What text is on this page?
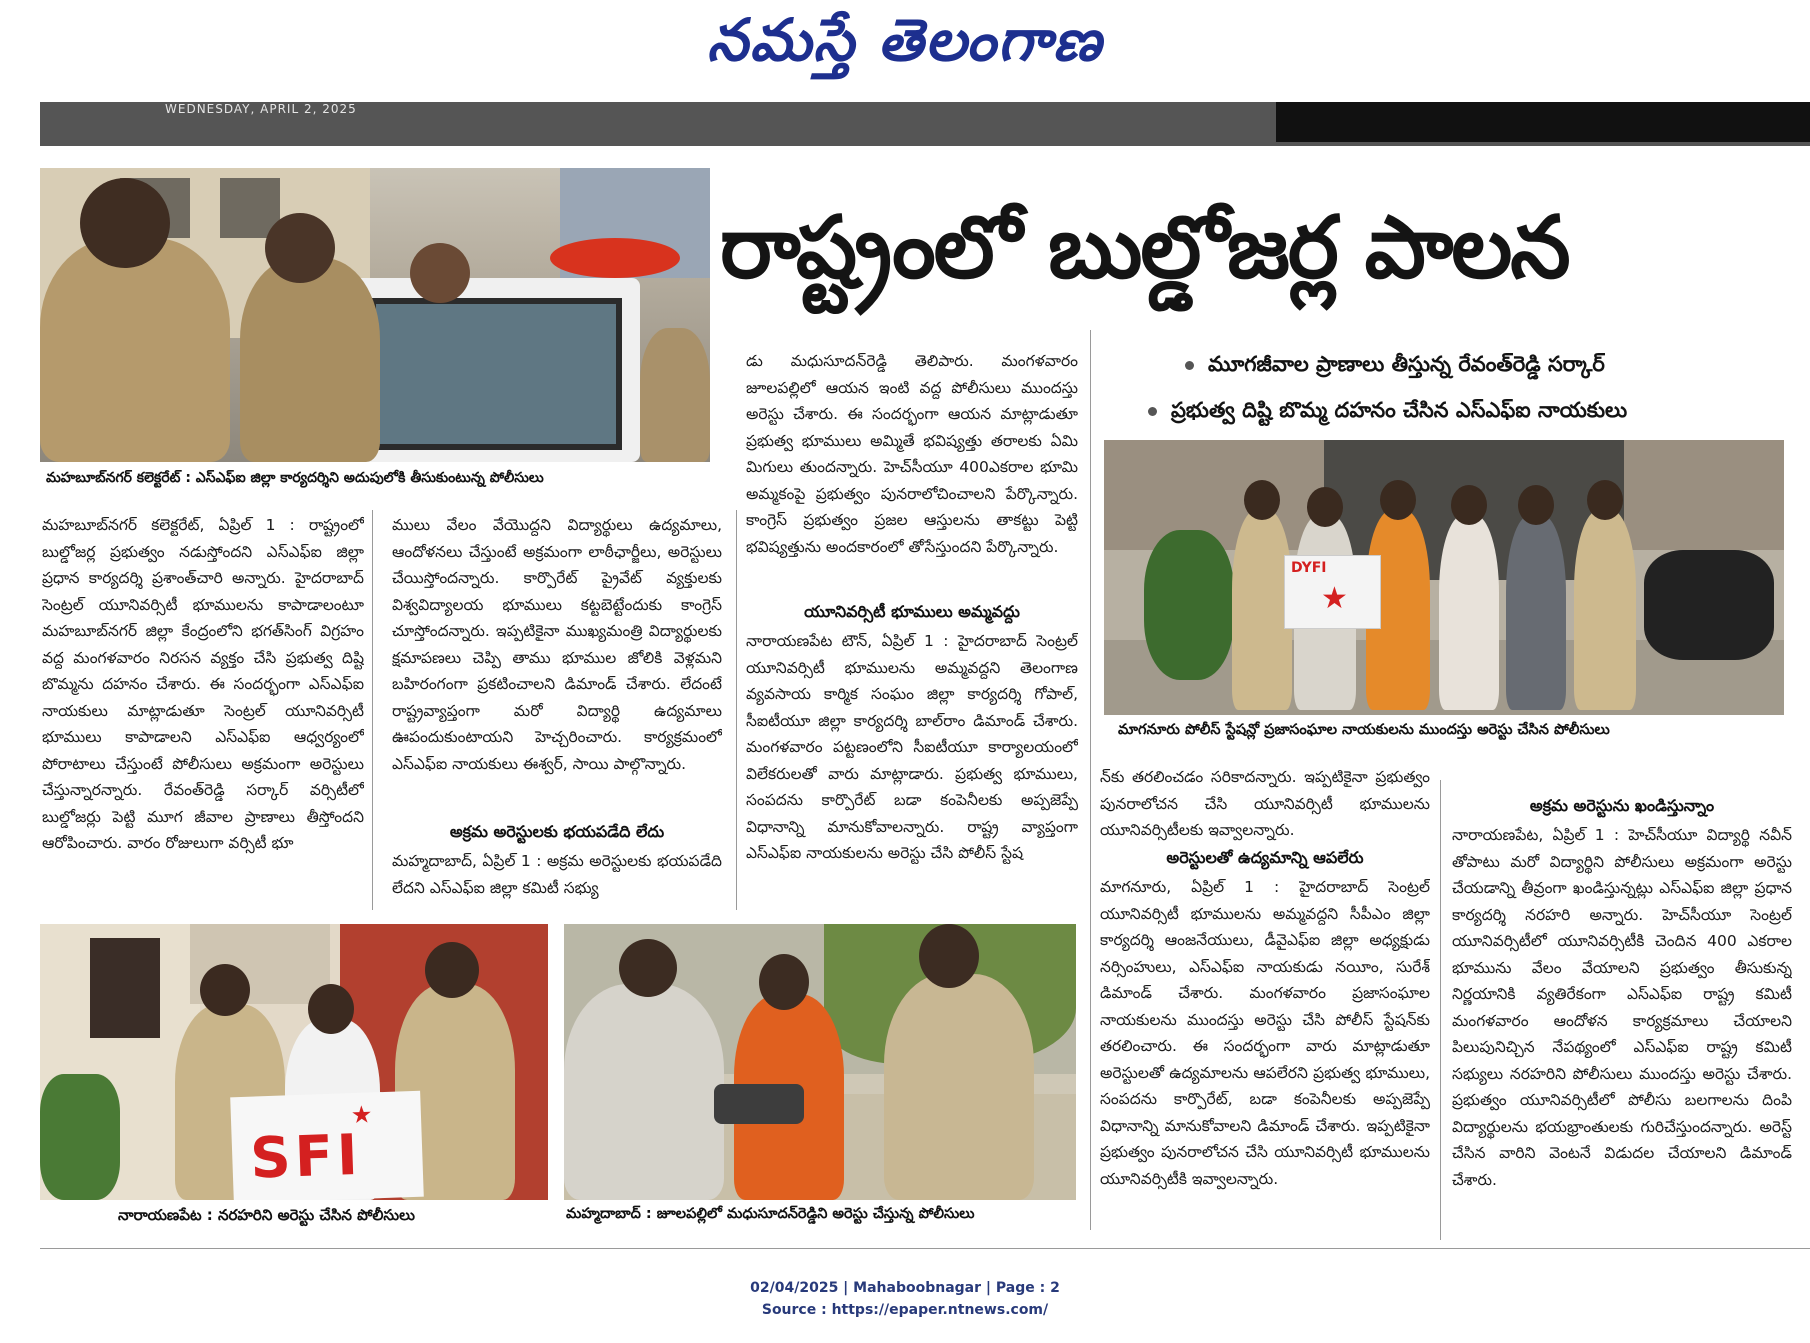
నమస్తే తెలంగాణ
WEDNESDAY, APRIL 2, 2025
మహబూబ్‌నగర్ కలెక్టరేట్ : ఎస్‌ఎఫ్‌ఐ జిల్లా కార్యదర్శిని అదుపులోకి తీసుకుంటున్న పోలీసులు
రాష్ట్రంలో బుల్డోజర్ల పాలన
మూగజీవాల ప్రాణాలు తీస్తున్న రేవంత్‌రెడ్డి సర్కార్
ప్రభుత్వ దిష్టి బొమ్మ దహనం చేసిన ఎస్‌ఎఫ్‌ఐ నాయకులు
DYFI
★
మాగనూరు పోలీస్ స్టేషన్లో ప్రజాసంఘాల నాయకులను ముందస్తు అరెస్టు చేసిన పోలీసులు

మహబూబ్‌నగర్ కలెక్టరేట్, ఏప్రిల్ 1 : రాష్ట్రంలో బుల్డోజర్ల ప్రభుత్వం నడుస్తోందని ఎస్‌ఎఫ్‌ఐ జిల్లా ప్రధాన కార్యదర్శి ప్రశాంత్‌చారి అన్నారు. హైదరాబాద్ సెంట్రల్ యూనివర్సిటీ భూములను కాపాడాలంటూ మహబూబ్‌నగర్ జిల్లా కేంద్రంలోని భగత్‌సింగ్ విగ్రహం వద్ద మంగళవారం నిరసన వ్యక్తం చేసి ప్రభుత్వ దిష్టి బొమ్మను దహనం చేశారు. ఈ సందర్భంగా ఎస్‌ఎఫ్‌ఐ నాయకులు మాట్లాడుతూ సెంట్రల్ యూనివర్సిటీ భూములు కాపాడాలని ఎస్‌ఎఫ్‌ఐ ఆధ్వర్యంలో పోరాటాలు చేస్తుంటే పోలీసులు అక్రమంగా అరెస్టులు చేస్తున్నారన్నారు. రేవంత్‌రెడ్డి సర్కార్ వర్సిటీలో బుల్డోజర్లు పెట్టి మూగ జీవాల ప్రాణాలు తీస్తోందని ఆరోపించారు. వారం రోజులుగా వర్సిటీ భూ

ములు వేలం వేయొద్దని విద్యార్థులు ఉద్యమాలు, ఆందోళనలు చేస్తుంటే అక్రమంగా లాఠీఛార్జీలు, అరెస్టులు చేయిస్తోందన్నారు. కార్పొరేట్ ప్రైవేట్ వ్యక్తులకు విశ్వవిద్యాలయ భూములు కట్టబెట్టేందుకు కాంగ్రెస్ చూస్తోందన్నారు. ఇప్పటికైనా ముఖ్యమంత్రి విద్యార్థులకు క్షమాపణలు చెప్పి తాము భూముల జోలికి వెళ్లమని బహిరంగంగా ప్రకటించాలని డిమాండ్ చేశారు. లేదంటే రాష్ట్రవ్యాప్తంగా మరో విద్యార్థి ఉద్యమాలు ఊపందుకుంటాయని హెచ్చరించారు. కార్యక్రమంలో ఎస్‌ఎఫ్‌ఐ నాయకులు ఈశ్వర్, సాయి పాల్గొన్నారు.

అక్రమ అరెస్టులకు భయపడేది లేదు

మహ్మదాబాద్, ఏప్రిల్ 1 : అక్రమ అరెస్టులకు భయపడేది లేదని ఎస్‌ఎఫ్‌ఐ జిల్లా కమిటీ సభ్యు

డు మధుసూదన్‌రెడ్డి తెలిపారు. మంగళవారం జూలపల్లిలో ఆయన ఇంటి వద్ద పోలీసులు ముందస్తు అరెస్టు చేశారు. ఈ సందర్భంగా ఆయన మాట్లాడుతూ ప్రభుత్వ భూములు అమ్మితే భవిష్యత్తు తరాలకు ఏమి మిగులు తుందన్నారు. హెచ్‌సీయూ 400ఎకరాల భూమి అమ్మకంపై ప్రభుత్వం పునరాలోచించాలని పేర్కొన్నారు. కాంగ్రెస్ ప్రభుత్వం ప్రజల ఆస్తులను తాకట్టు పెట్టి భవిష్యత్తును అందకారంలో తోసేస్తుందని పేర్కొన్నారు.

యూనివర్సిటీ భూములు అమ్మవద్దు

నారాయణపేట టౌన్, ఏప్రిల్ 1 : హైదరాబాద్ సెంట్రల్ యూనివర్సిటీ భూములను అమ్మవద్దని తెలంగాణ వ్యవసాయ కార్మిక సంఘం జిల్లా కార్యదర్శి గోపాల్, సీఐటీయూ జిల్లా కార్యదర్శి బాల్‌రాం డిమాండ్ చేశారు. మంగళవారం పట్టణంలోని సీఐటీయూ కార్యాలయంలో విలేకరులతో వారు మాట్లాడారు. ప్రభుత్వ భూములు, సంపదను కార్పొరేట్ బడా కంపెనీలకు అప్పజెప్పే విధానాన్ని మానుకోవాలన్నారు. రాష్ట్ర వ్యాప్తంగా ఎస్‌ఎఫ్‌ఐ నాయకులను అరెస్టు చేసి పోలీస్ స్టేష

న్‌కు తరలించడం సరికాదన్నారు. ఇప్పటికైనా ప్రభుత్వం పునరాలోచన చేసి యూనివర్సిటీ భూములను యూనివర్సిటీలకు ఇవ్వాలన్నారు.

అరెస్టులతో ఉద్యమాన్ని ఆపలేరు

మాగనూరు, ఏప్రిల్ 1 : హైదరాబాద్ సెంట్రల్ యూనివర్సిటీ భూములను అమ్మవద్దని సీపీఎం జిల్లా కార్యదర్శి ఆంజనేయులు, డీవైఎఫ్‌ఐ జిల్లా అధ్యక్షుడు నర్సింహులు, ఎస్‌ఎఫ్‌ఐ నాయకుడు నయీం, సురేశ్ డిమాండ్ చేశారు. మంగళవారం ప్రజాసంఘాల నాయకులను ముందస్తు అరెస్టు చేసి పోలీస్ స్టేషన్‌కు తరలించారు. ఈ సందర్భంగా వారు మాట్లాడుతూ అరెస్టులతో ఉద్యమాలను ఆపలేరని ప్రభుత్వ భూములు, సంపదను కార్పొరేట్, బడా కంపెనీలకు అప్పజెప్పే విధానాన్ని మానుకోవాలని డిమాండ్ చేశారు. ఇప్పటికైనా ప్రభుత్వం పునరాలోచన చేసి యూనివర్సిటీ భూములను యూనివర్సిటీకి ఇవ్వాలన్నారు.

అక్రమ అరెస్టును ఖండిస్తున్నాం

నారాయణపేట, ఏప్రిల్ 1 : హెచ్‌సీయూ విద్యార్థి నవీన్ తోపాటు మరో విద్యార్థిని పోలీసులు అక్రమంగా అరెస్టు చేయడాన్ని తీవ్రంగా ఖండిస్తున్నట్లు ఎస్‌ఎఫ్‌ఐ జిల్లా ప్రధాన కార్యదర్శి నరహరి అన్నారు. హెచ్‌సీయూ సెంట్రల్ యూనివర్సిటీలో యూనివర్సిటీకి చెందిన 400 ఎకరాల భూమును వేలం వేయాలని ప్రభుత్వం తీసుకున్న నిర్ణయానికి వ్యతిరేకంగా ఎస్‌ఎఫ్‌ఐ రాష్ట్ర కమిటీ మంగళవారం ఆందోళన కార్యక్రమాలు చేయాలని పిలుపునిచ్చిన నేపథ్యంలో ఎస్‌ఎఫ్‌ఐ రాష్ట్ర కమిటీ సభ్యులు నరహరిని పోలీసులు ముందస్తు అరెస్టు చేశారు. ప్రభుత్వం యూనివర్సిటీలో పోలీసు బలగాలను దింపి విద్యార్థులను భయభ్రాంతులకు గురిచేస్తుందన్నారు. అరెస్ట్ చేసిన వారిని వెంటనే విడుదల చేయాలని డిమాండ్ చేశారు.

SFI
★
నారాయణపేట : నరహరిని అరెస్టు చేసిన పోలీసులు	మహ్మదాబాద్ : జూలపల్లిలో మధుసూదన్‌రెడ్డిని అరెస్టు చేస్తున్న పోలీసులు
02/04/2025 | Mahaboobnagar | Page : 2
Source : https://epaper.ntnews.com/
